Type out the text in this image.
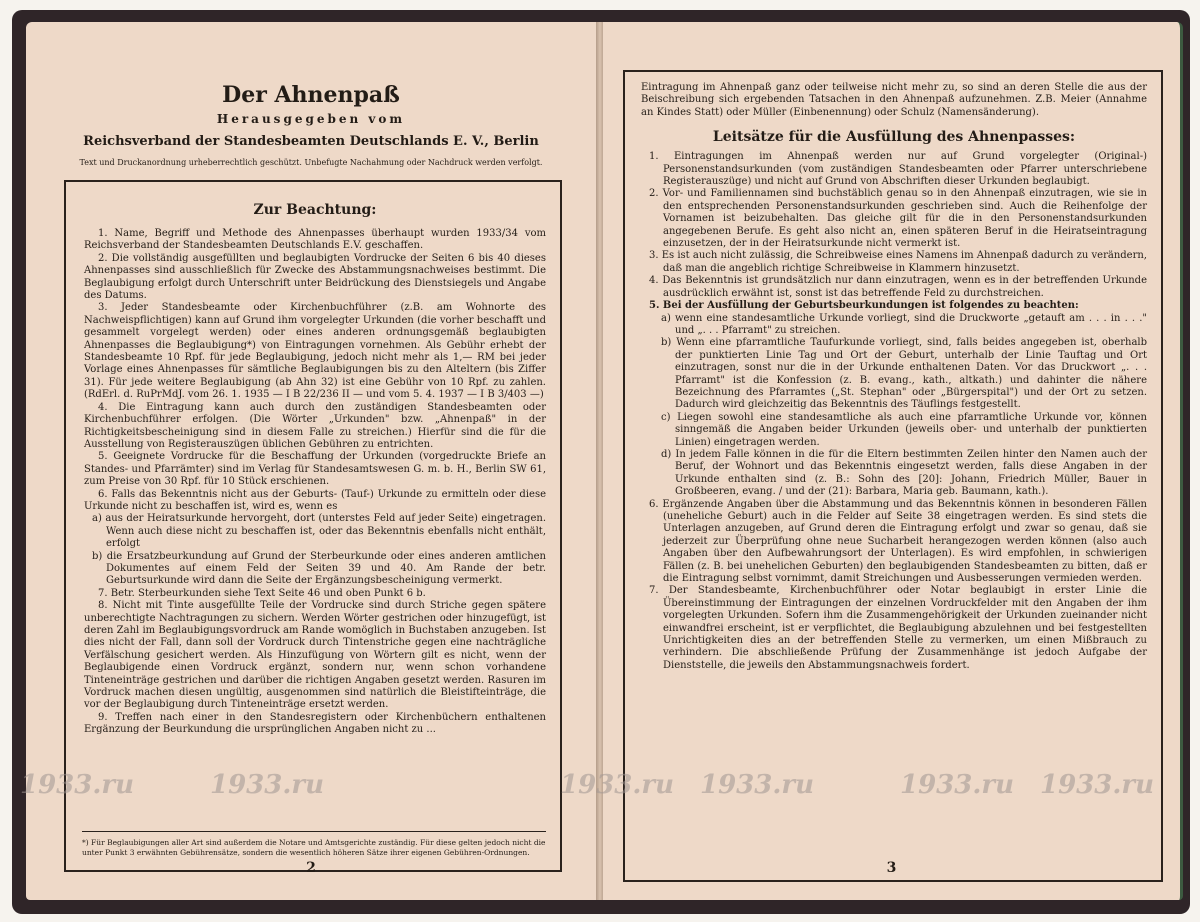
Der Ahnenpaß
Herausgegeben vom
Reichsverband der Standesbeamten Deutschlands E. V., Berlin
Text und Druckanordnung urheberrechtlich geschützt. Unbefugte Nachahmung oder Nachdruck werden verfolgt.
Zur Beachtung:

1. Name, Begriff und Methode des Ahnenpasses überhaupt wurden 1933/34 vom Reichsverband der Standesbeamten Deutschlands E.V. geschaffen.

2. Die vollständig ausgefüllten und beglaubigten Vordrucke der Seiten 6 bis 40 dieses Ahnenpasses sind ausschließlich für Zwecke des Abstammungsnachweises bestimmt. Die Beglaubigung erfolgt durch Unterschrift unter Beidrückung des Dienstsiegels und Angabe des Datums.

3. Jeder Standesbeamte oder Kirchenbuchführer (z.B. am Wohnorte des Nachweispflichtigen) kann auf Grund ihm vorgelegter Urkunden (die vorher beschafft und gesammelt vorgelegt werden) oder eines anderen ordnungsgemäß beglaubigten Ahnenpasses die Beglaubigung*) von Eintragungen vornehmen. Als Gebühr erhebt der Standesbeamte 10 Rpf. für jede Beglaubigung, jedoch nicht mehr als 1,— RM bei jeder Vorlage eines Ahnenpasses für sämtliche Beglaubigungen bis zu den Alteltern (bis Ziffer 31). Für jede weitere Beglaubigung (ab Ahn 32) ist eine Gebühr von 10 Rpf. zu zahlen. (RdErl. d. RuPrMdJ. vom 26. 1. 1935 — I B 22/236 II — und vom 5. 4. 1937 — I B 3/403 —)

4. Die Eintragung kann auch durch den zuständigen Standesbeamten oder Kirchenbuchführer erfolgen. (Die Wörter „Urkunden" bzw. „Ahnenpaß" in der Richtigkeitsbescheinigung sind in diesem Falle zu streichen.) Hierfür sind die für die Ausstellung von Registerauszügen üblichen Gebühren zu entrichten.

5. Geeignete Vordrucke für die Beschaffung der Urkunden (vorgedruckte Briefe an Standes- und Pfarrämter) sind im Verlag für Standesamtswesen G. m. b. H., Berlin SW 61, zum Preise von 30 Rpf. für 10 Stück erschienen.

6. Falls das Bekenntnis nicht aus der Geburts- (Tauf-) Urkunde zu ermitteln oder diese Urkunde nicht zu beschaffen ist, wird es, wenn es

a) aus der Heiratsurkunde hervorgeht, dort (unterstes Feld auf jeder Seite) eingetragen. Wenn auch diese nicht zu beschaffen ist, oder das Bekenntnis ebenfalls nicht enthält, erfolgt

b) die Ersatzbeurkundung auf Grund der Sterbeurkunde oder eines anderen amtlichen Dokumentes auf einem Feld der Seiten 39 und 40. Am Rande der betr. Geburtsurkunde wird dann die Seite der Ergänzungsbescheinigung vermerkt.

7. Betr. Sterbeurkunden siehe Text Seite 46 und oben Punkt 6 b.

8. Nicht mit Tinte ausgefüllte Teile der Vordrucke sind durch Striche gegen spätere unberechtigte Nachtragungen zu sichern. Werden Wörter gestrichen oder hinzugefügt, ist deren Zahl im Beglaubigungsvordruck am Rande womöglich in Buchstaben anzugeben. Ist dies nicht der Fall, dann soll der Vordruck durch Tintenstriche gegen eine nachträgliche Verfälschung gesichert werden. Als Hinzufügung von Wörtern gilt es nicht, wenn der Beglaubigende einen Vordruck ergänzt, sondern nur, wenn schon vorhandene Tinteneinträge gestrichen und darüber die richtigen Angaben gesetzt werden. Rasuren im Vordruck machen diesen ungültig, ausgenommen sind natürlich die Bleistifteinträge, die vor der Beglaubigung durch Tinteneinträge ersetzt werden.

9. Treffen nach einer in den Standesregistern oder Kirchenbüchern enthaltenen Ergänzung der Beurkundung die ursprünglichen Angaben nicht zu ...

*) Für Beglaubigungen aller Art sind außerdem die Notare und Amtsgerichte zuständig. Für diese gelten jedoch nicht die unter Punkt 3 erwähnten Gebührensätze, sondern die wesentlich höheren Sätze ihrer eigenen Gebühren-Ordnungen.
2

Eintragung im Ahnenpaß ganz oder teilweise nicht mehr zu, so sind an deren Stelle die aus der Beischreibung sich ergebenden Tatsachen in den Ahnenpaß aufzunehmen. Z.B. Meier (Annahme an Kindes Statt) oder Müller (Einbenennung) oder Schulz (Namensänderung).

Leitsätze für die Ausfüllung des Ahnenpasses:

1. Eintragungen im Ahnenpaß werden nur auf Grund vorgelegter (Original-) Personenstandsurkunden (vom zuständigen Standesbeamten oder Pfarrer unterschriebene Registerauszüge) und nicht auf Grund von Abschriften dieser Urkunden beglaubigt.

2. Vor- und Familiennamen sind buchstäblich genau so in den Ahnenpaß einzutragen, wie sie in den entsprechenden Personenstandsurkunden geschrieben sind. Auch die Reihenfolge der Vornamen ist beizubehalten. Das gleiche gilt für die in den Personenstandsurkunden angegebenen Berufe. Es geht also nicht an, einen späteren Beruf in die Heiratseintragung einzusetzen, der in der Heiratsurkunde nicht vermerkt ist.

3. Es ist auch nicht zulässig, die Schreibweise eines Namens im Ahnenpaß dadurch zu verändern, daß man die angeblich richtige Schreibweise in Klammern hinzusetzt.

4. Das Bekenntnis ist grundsätzlich nur dann einzutragen, wenn es in der betreffenden Urkunde ausdrücklich erwähnt ist, sonst ist das betreffende Feld zu durchstreichen.

5. Bei der Ausfüllung der Geburtsbeurkundungen ist folgendes zu beachten:

a) wenn eine standesamtliche Urkunde vorliegt, sind die Druckworte „getauft am . . . in . . ." und „. . . Pfarramt" zu streichen.

b) Wenn eine pfarramtliche Taufurkunde vorliegt, sind, falls beides angegeben ist, oberhalb der punktierten Linie Tag und Ort der Geburt, unterhalb der Linie Tauftag und Ort einzutragen, sonst nur die in der Urkunde enthaltenen Daten. Vor das Druckwort „. . . Pfarramt" ist die Konfession (z. B. evang., kath., altkath.) und dahinter die nähere Bezeichnung des Pfarramtes („St. Stephan" oder „Bürgerspital") und der Ort zu setzen. Dadurch wird gleichzeitig das Bekenntnis des Täuflings festgestellt.

c) Liegen sowohl eine standesamtliche als auch eine pfarramtliche Urkunde vor, können sinngemäß die Angaben beider Urkunden (jeweils ober- und unterhalb der punktierten Linien) eingetragen werden.

d) In jedem Falle können in die für die Eltern bestimmten Zeilen hinter den Namen auch der Beruf, der Wohnort und das Bekenntnis eingesetzt werden, falls diese Angaben in der Urkunde enthalten sind (z. B.: Sohn des [20]: Johann, Friedrich Müller, Bauer in Großbeeren, evang. / und der (21): Barbara, Maria geb. Baumann, kath.).

6. Ergänzende Angaben über die Abstammung und das Bekenntnis können in besonderen Fällen (uneheliche Geburt) auch in die Felder auf Seite 38 eingetragen werden. Es sind stets die Unterlagen anzugeben, auf Grund deren die Eintragung erfolgt und zwar so genau, daß sie jederzeit zur Überprüfung ohne neue Sucharbeit herangezogen werden können (also auch Angaben über den Aufbewahrungsort der Unterlagen). Es wird empfohlen, in schwierigen Fällen (z. B. bei unehelichen Geburten) den beglaubigenden Standesbeamten zu bitten, daß er die Eintragung selbst vornimmt, damit Streichungen und Ausbesserungen vermieden werden.

7. Der Standesbeamte, Kirchenbuchführer oder Notar beglaubigt in erster Linie die Übereinstimmung der Eintragungen der einzelnen Vordruckfelder mit den Angaben der ihm vorgelegten Urkunden. Sofern ihm die Zusammengehörigkeit der Urkunden zueinander nicht einwandfrei erscheint, ist er verpflichtet, die Beglaubigung abzulehnen und bei festgestellten Unrichtigkeiten dies an der betreffenden Stelle zu vermerken, um einen Mißbrauch zu verhindern. Die abschließende Prüfung der Zusammenhänge ist jedoch Aufgabe der Dienststelle, die jeweils den Abstammungsnachweis fordert.

3
1933.ru	1933.ru	1933.ru 1933.ru	1933.ru 1933.ru
